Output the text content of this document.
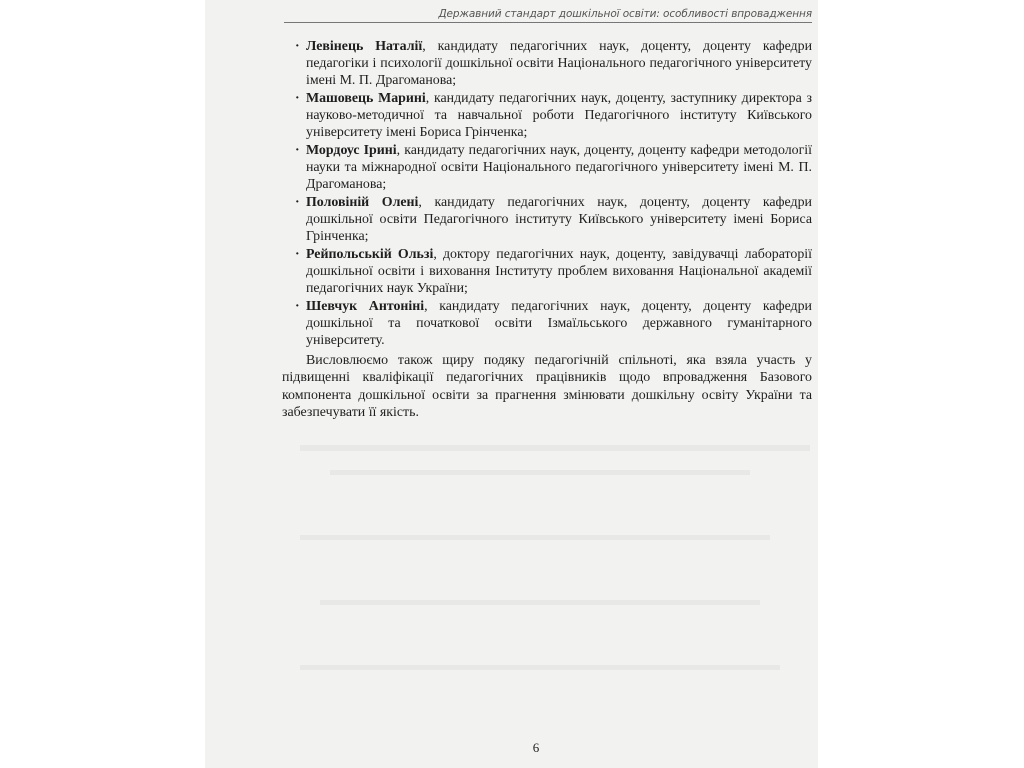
Державний стандарт дошкільної освіти: особливості впровадження
· Левінець Наталії, кандидату педагогічних наук, доценту, доценту кафедри педагогіки і психології дошкільної освіти Національного педагогічного університету імені М. П. Драгоманова;
· Машовець Марині, кандидату педагогічних наук, доценту, заступнику директора з науково-методичної та навчальної роботи Педагогічного інституту Київського університету імені Бориса Грінченка;
· Мордоус Ірині, кандидату педагогічних наук, доценту, доценту кафедри методології науки та міжнародної освіти Національного педагогічного університету імені М. П. Драгоманова;
· Половіній Олені, кандидату педагогічних наук, доценту, доценту кафедри дошкільної освіти Педагогічного інституту Київського університету імені Бориса Грінченка;
· Рейпольській Ользі, доктору педагогічних наук, доценту, завідувачці лабораторії дошкільної освіти і виховання Інституту проблем виховання Національної академії педагогічних наук України;
· Шевчук Антоніні, кандидату педагогічних наук, доценту, доценту кафедри дошкільної та початкової освіти Ізмаїльського державного гуманітарного університету.

Висловлюємо також щиру подяку педагогічній спільноті, яка взяла участь у підвищенні кваліфікації педагогічних працівників щодо впровадження Базового компонента дошкільної освіти за прагнення змінювати дошкільну освіту України та забезпечувати її якість.

6
